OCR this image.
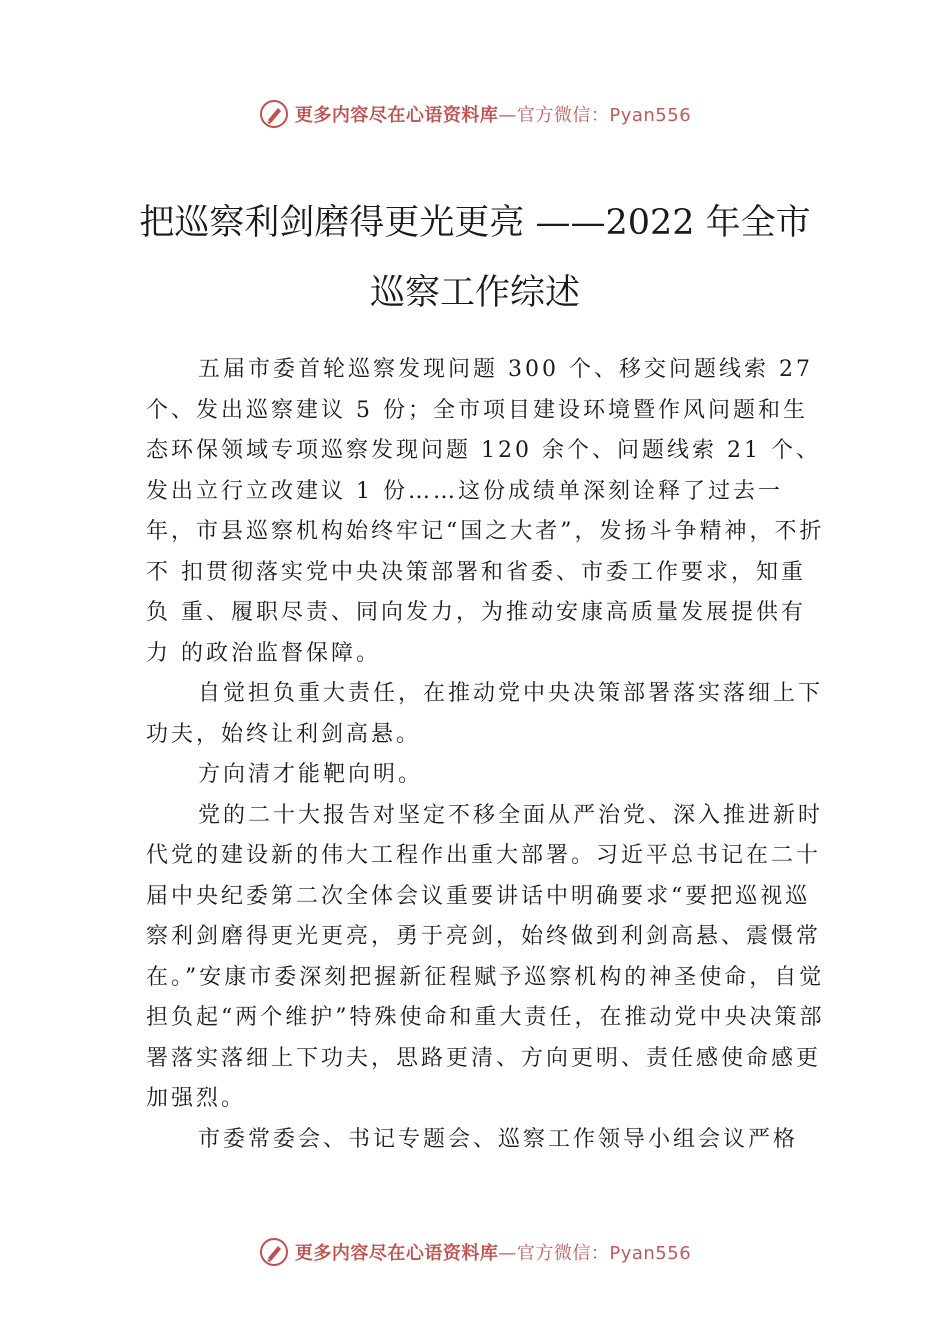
更多内容尽在心语资料库—官方微信：Pyan556
把巡察利剑磨得更光更亮 ——2022 年全市
巡察工作综述

五届市委首轮巡察发现问题 300 个、移交问题线索 27 个、发出巡察建议 5 份；全市项目建设环境暨作风问题和生态环保领域专项巡察发现问题 120 余个、问题线索 21 个、发出立行立改建议 1 份……这份成绩单深刻诠释了过去一年，市县巡察机构始终牢记“国之大者”，发扬斗争精神，不折不 扣贯彻落实党中央决策部署和省委、市委工作要求，知重负 重、履职尽责、同向发力，为推动安康高质量发展提供有力 的政治监督保障。

自觉担负重大责任，在推动党中央决策部署落实落细上下功夫，始终让利剑高悬。

方向清才能靶向明。

党的二十大报告对坚定不移全面从严治党、深入推进新时代党的建设新的伟大工程作出重大部署。习近平总书记在二十届中央纪委第二次全体会议重要讲话中明确要求“要把巡视巡察利剑磨得更光更亮，勇于亮剑，始终做到利剑高悬、震慑常在。”安康市委深刻把握新征程赋予巡察机构的神圣使命，自觉担负起“两个维护”特殊使命和重大责任，在推动党中央决策部署落实落细上下功夫，思路更清、方向更明、责任感使命感更加强烈。

市委常委会、书记专题会、巡察工作领导小组会议严格

更多内容尽在心语资料库—官方微信：Pyan556
